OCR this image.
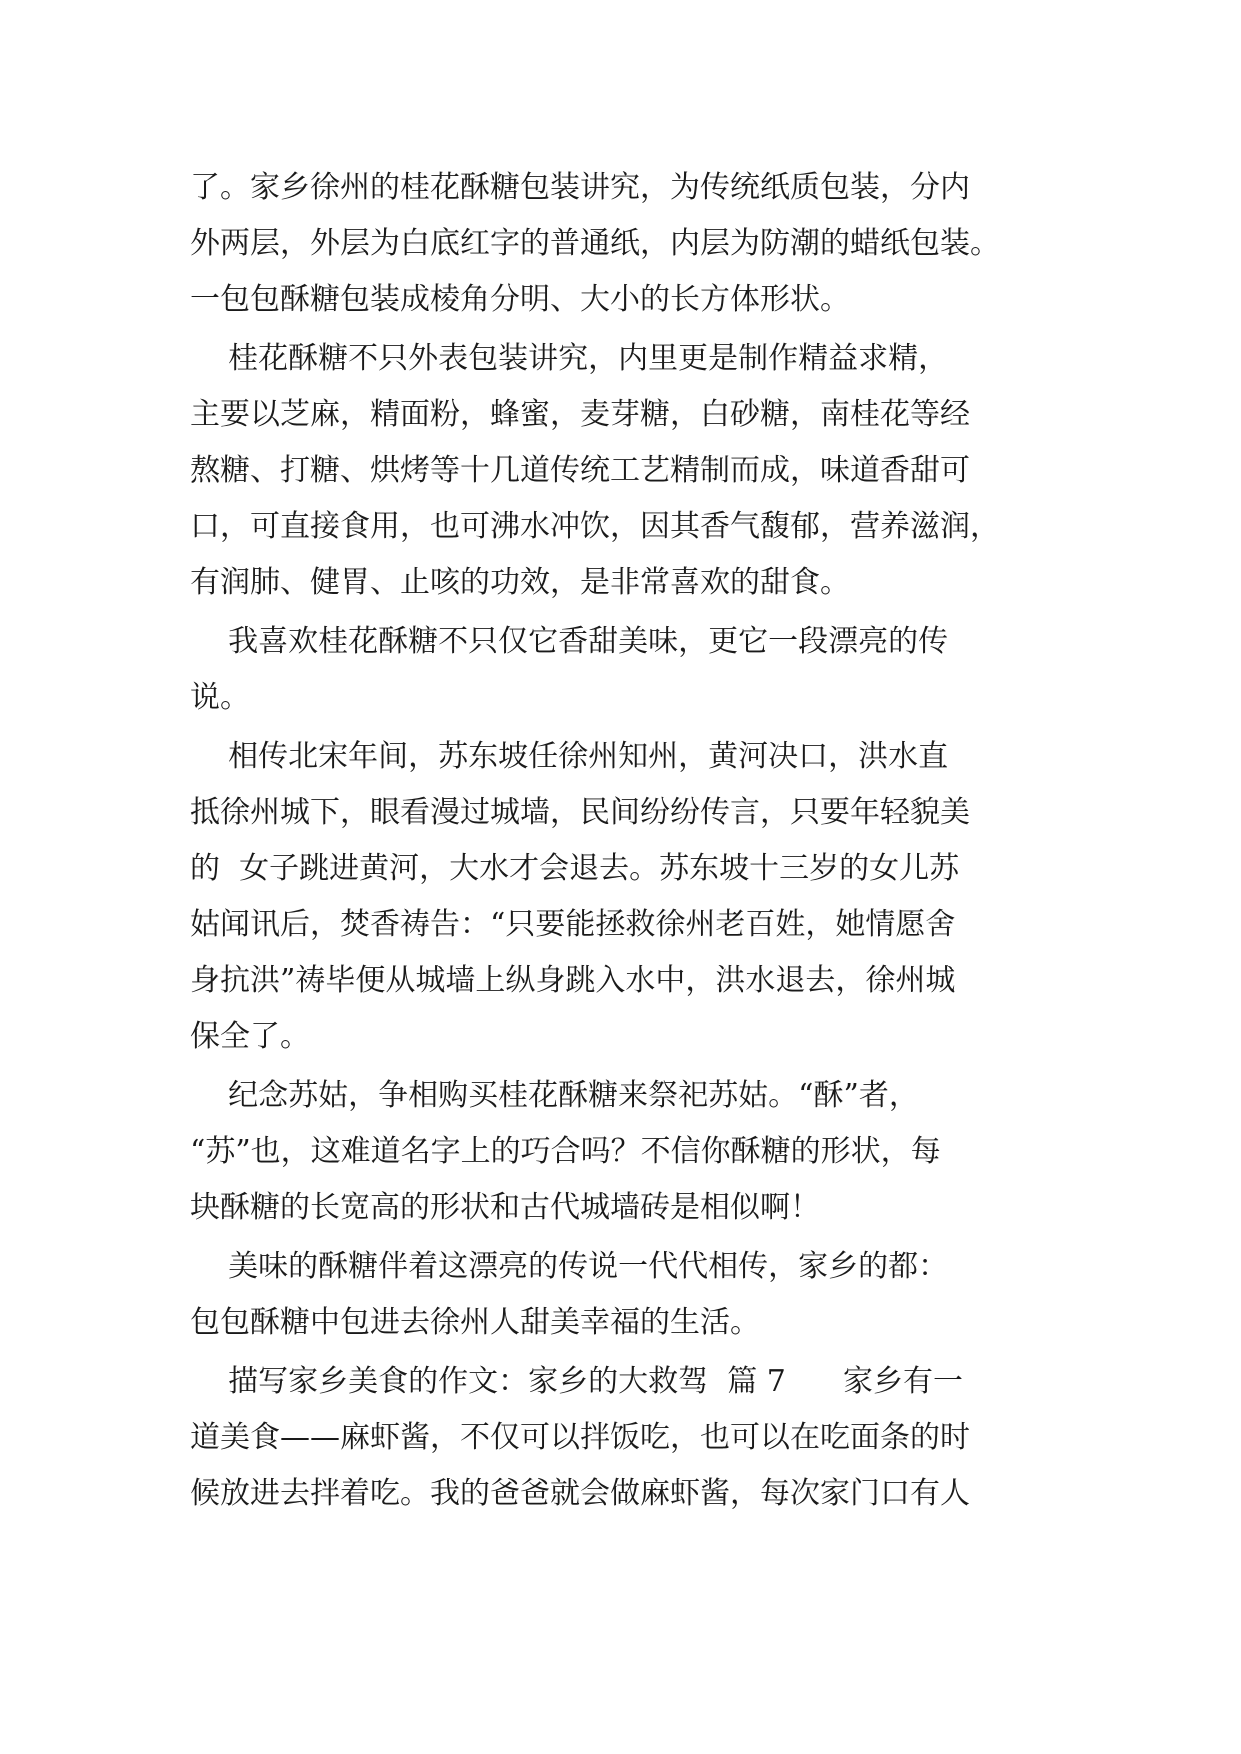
了。家乡徐州的桂花酥糖包装讲究，为传统纸质包装，分内
外两层，外层为白底红字的普通纸，内层为防潮的蜡纸包装。
一包包酥糖包装成棱角分明、大小的长方体形状。
桂花酥糖不只外表包装讲究，内里更是制作精益求精，
主要以芝麻，精面粉，蜂蜜，麦芽糖，白砂糖，南桂花等经
熬糖、打糖、烘烤等十几道传统工艺精制而成，味道香甜可
口，可直接食用，也可沸水冲饮，因其香气馥郁，营养滋润，
有润肺、健胃、止咳的功效，是非常喜欢的甜食。
我喜欢桂花酥糖不只仅它香甜美味，更它一段漂亮的传
说。
相传北宋年间，苏东坡任徐州知州，黄河决口，洪水直
抵徐州城下，眼看漫过城墙，民间纷纷传言，只要年轻貌美
的  女子跳进黄河，大水才会退去。苏东坡十三岁的女儿苏
姑闻讯后，焚香祷告：“只要能拯救徐州老百姓，她情愿舍
身抗洪”祷毕便从城墙上纵身跳入水中，洪水退去，徐州城
保全了。
纪念苏姑，争相购买桂花酥糖来祭祀苏姑。“酥”者，
“苏”也，这难道名字上的巧合吗？不信你酥糖的形状，每
块酥糖的长宽高的形状和古代城墙砖是相似啊！
美味的酥糖伴着这漂亮的传说一代代相传，家乡的都：
包包酥糖中包进去徐州人甜美幸福的生活。
描写家乡美食的作文：家乡的大救驾  篇 7      家乡有一
道美食——麻虾酱，不仅可以拌饭吃，也可以在吃面条的时
候放进去拌着吃。我的爸爸就会做麻虾酱，每次家门口有人
